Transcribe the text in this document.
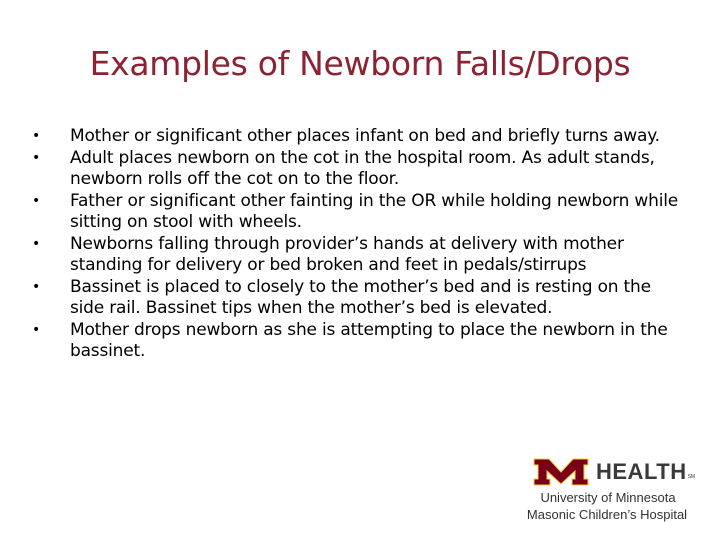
Examples of Newborn Falls/Drops
• Mother or significant other places infant on bed and briefly turns away.
• Adult places newborn on the cot in the hospital room. As adult stands, newborn rolls off the cot on to the floor.
• Father or significant other fainting in the OR while holding newborn while sitting on stool with wheels.
• Newborns falling through provider’s hands at delivery with mother standing for delivery or bed broken and feet in pedals/stirrups
• Bassinet is placed to closely to the mother’s bed and is resting on the side rail. Bassinet tips when the mother’s bed is elevated.
• Mother drops newborn as she is attempting to place the newborn in the bassinet.
HEALTH SM
University of Minnesota
Masonic Children’s Hospital
